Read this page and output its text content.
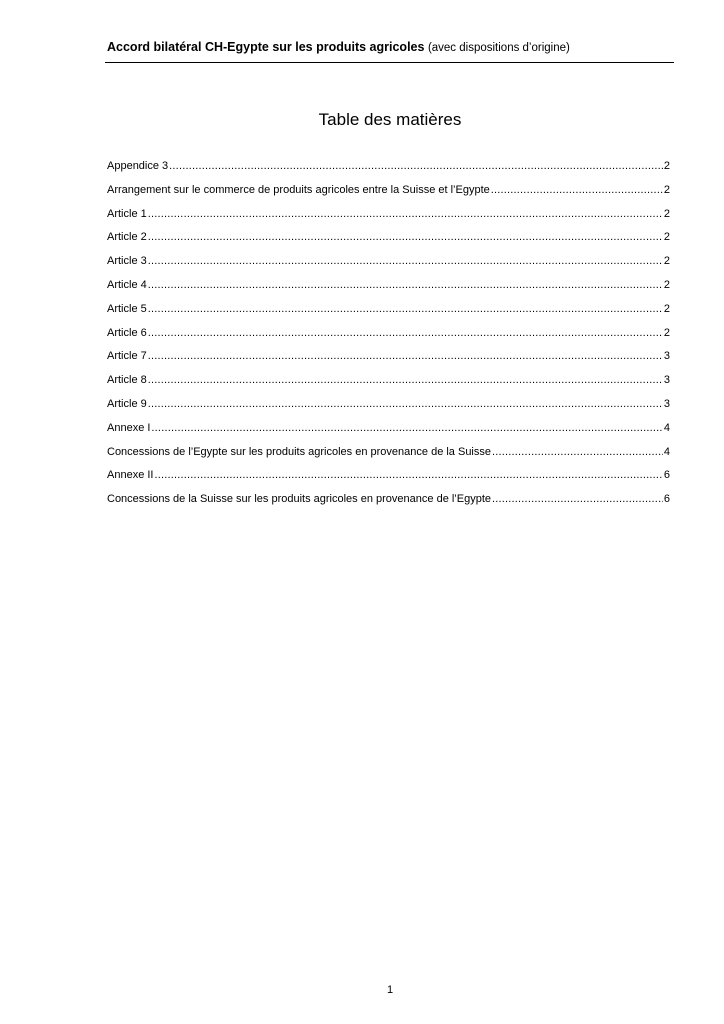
Accord bilatéral CH-Egypte sur les produits agricoles (avec dispositions d’origine)
Table des matières
Appendice 3 .....	2
Arrangement sur le commerce de produits agricoles entre la Suisse et l’Egypte .....	2
Article 1 .....	2
Article 2 .....	2
Article 3 .....	2
Article 4 .....	2
Article 5 .....	2
Article 6 .....	2
Article 7 .....	3
Article 8 .....	3
Article 9 .....	3
Annexe I .....	4
Concessions de l’Egypte sur les produits agricoles en provenance de la Suisse .....	4
Annexe II .....	6
Concessions de la Suisse sur les produits agricoles en provenance de l’Egypte .....	6
1
